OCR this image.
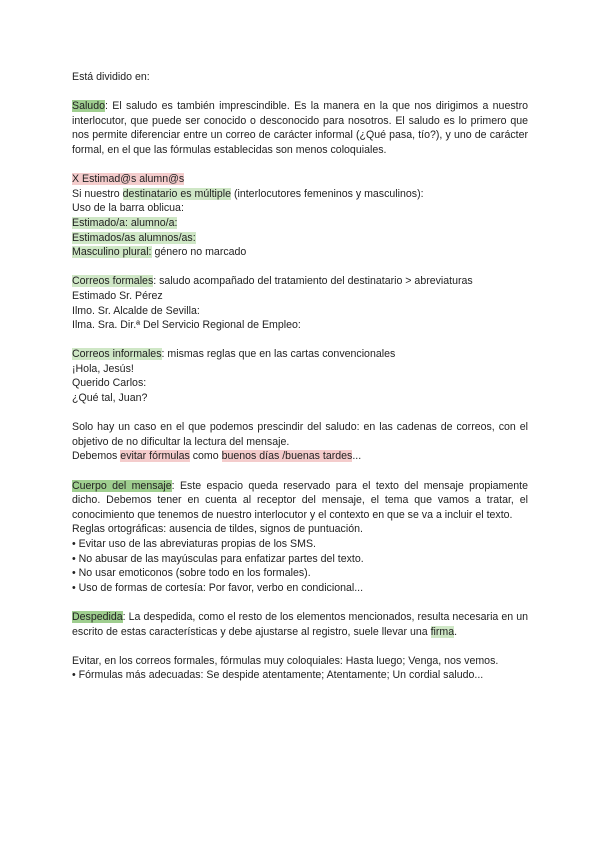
Está dividido en:

Saludo: El saludo es también imprescindible. Es la manera en la que nos dirigimos a nuestro interlocutor, que puede ser conocido o desconocido para nosotros. El saludo es lo primero que nos permite diferenciar entre un correo de carácter informal (¿Qué pasa, tío?), y uno de carácter formal, en el que las fórmulas establecidas son menos coloquiales.

X Estimad@s alumn@s

Si nuestro destinatario es múltiple (interlocutores femeninos y masculinos):

Uso de la barra oblicua:

Estimado/a: alumno/a:

Estimados/as alumnos/as:

Masculino plural: género no marcado

Correos formales: saludo acompañado del tratamiento del destinatario > abreviaturas

Estimado Sr. Pérez

Ilmo. Sr. Alcalde de Sevilla:

Ilma. Sra. Dir.ª Del Servicio Regional de Empleo:

Correos informales: mismas reglas que en las cartas convencionales

¡Hola, Jesús!

Querido Carlos:

¿Qué tal, Juan?

Solo hay un caso en el que podemos prescindir del saludo: en las cadenas de correos, con el objetivo de no dificultar la lectura del mensaje.

Debemos evitar fórmulas como buenos días /buenas tardes...

Cuerpo del mensaje: Este espacio queda reservado para el texto del mensaje propiamente dicho. Debemos tener en cuenta al receptor del mensaje, el tema que vamos a tratar, el conocimiento que tenemos de nuestro interlocutor y el contexto en que se va a incluir el texto.

Reglas ortográficas: ausencia de tildes, signos de puntuación.

• Evitar uso de las abreviaturas propias de los SMS.

• No abusar de las mayúsculas para enfatizar partes del texto.

• No usar emoticonos (sobre todo en los formales).

• Uso de formas de cortesía: Por favor, verbo en condicional...

Despedida: La despedida, como el resto de los elementos mencionados, resulta necesaria en un escrito de estas características y debe ajustarse al registro, suele llevar una firma.

Evitar, en los correos formales, fórmulas muy coloquiales: Hasta luego; Venga, nos vemos.

• Fórmulas más adecuadas: Se despide atentamente; Atentamente; Un cordial saludo...
